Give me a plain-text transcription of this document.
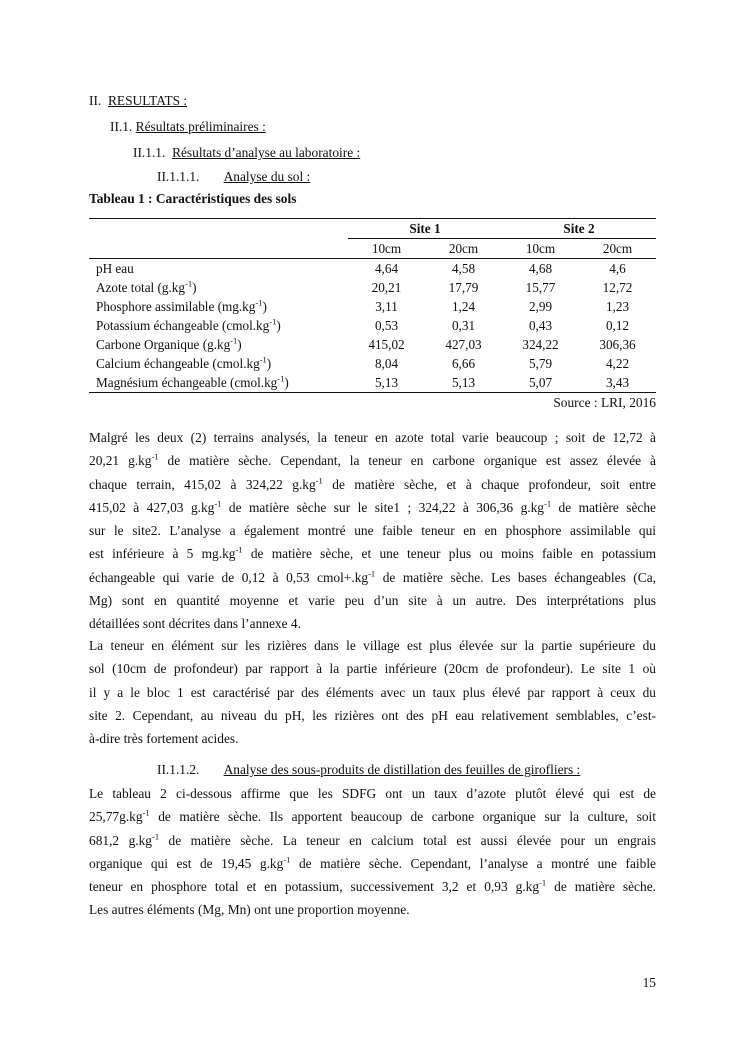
II. RESULTATS :
II.1. Résultats préliminaires :
II.1.1. Résultats d’analyse au laboratoire :
II.1.1.1. Analyse du sol :
Tableau 1 : Caractéristiques des sols
	Site 1		Site 2	
	10cm	20cm	10cm	20cm
pH eau	4,64	4,58	4,68	4,6
Azote total $(g.kg^{-1})$	20,21	17,79	15,77	12,72
Phosphore assimilable $(mg.kg^{-1})$	3,11	1,24	2,99	1,23
Potassium échangeable $(cmol.kg^{-1})$	0,53	0,31	0,43	0,12
Carbone Organique $(g.kg^{-1})$	415,02	427,03	324,22	306,36
Calcium échangeable $(cmol.kg^{-1})$	8,04	6,66	5,79	4,22
Magnésium échangeable $(cmol.kg^{-1})$	5,13	5,13	5,07	3,43
Source : LRI, 2016
Malgré les deux (2) terrains analysés, la teneur en azote total varie beaucoup ; soit de 12,72 à
20,21 $g.kg^{-1}$ de matière sèche. Cependant, la teneur en carbone organique est assez élevée à
chaque terrain, 415,02 à 324,22 $g.kg^{-1}$ de matière sèche, et à chaque profondeur, soit entre
415,02 à 427,03 $g.kg^{-1}$ de matière sèche sur le site1 ; 324,22 à 306,36 $g.kg^{-1}$ de matière sèche
sur le site2. L’analyse a également montré une faible teneur en en phosphore assimilable qui
est inférieure à 5 $mg.kg^{-1}$ de matière sèche, et une teneur plus ou moins faible en potassium
échangeable qui varie de 0,12 à 0,53 $cmol+.kg^{-1}$ de matière sèche. Les bases échangeables (Ca,
Mg) sont en quantité moyenne et varie peu d’un site à un autre. Des interprétations plus
détaillées sont décrites dans l’annexe 4.
La teneur en élément sur les rizières dans le village est plus élevée sur la partie supérieure du
sol (10cm de profondeur) par rapport à la partie inférieure (20cm de profondeur). Le site 1 où
il y a le bloc 1 est caractérisé par des éléments avec un taux plus élevé par rapport à ceux du
site 2. Cependant, au niveau du pH, les rizières ont des pH eau relativement semblables, c’est-
à-dire très fortement acides.
II.1.1.2. Analyse des sous-produits de distillation des feuilles de girofliers :
Le tableau 2 ci-dessous affirme que les SDFG ont un taux d’azote plutôt élevé qui est de
$25,77g.kg^{-1}$ de matière sèche. Ils apportent beaucoup de carbone organique sur la culture, soit
681,2 $g.kg^{-1}$ de matière sèche. La teneur en calcium total est aussi élevée pour un engrais
organique qui est de 19,45 $g.kg^{-1}$ de matière sèche. Cependant, l’analyse a montré une faible
teneur en phosphore total et en potassium, successivement 3,2 et 0,93 $g.kg^{-1}$ de matière sèche.
Les autres éléments (Mg, Mn) ont une proportion moyenne.
15
